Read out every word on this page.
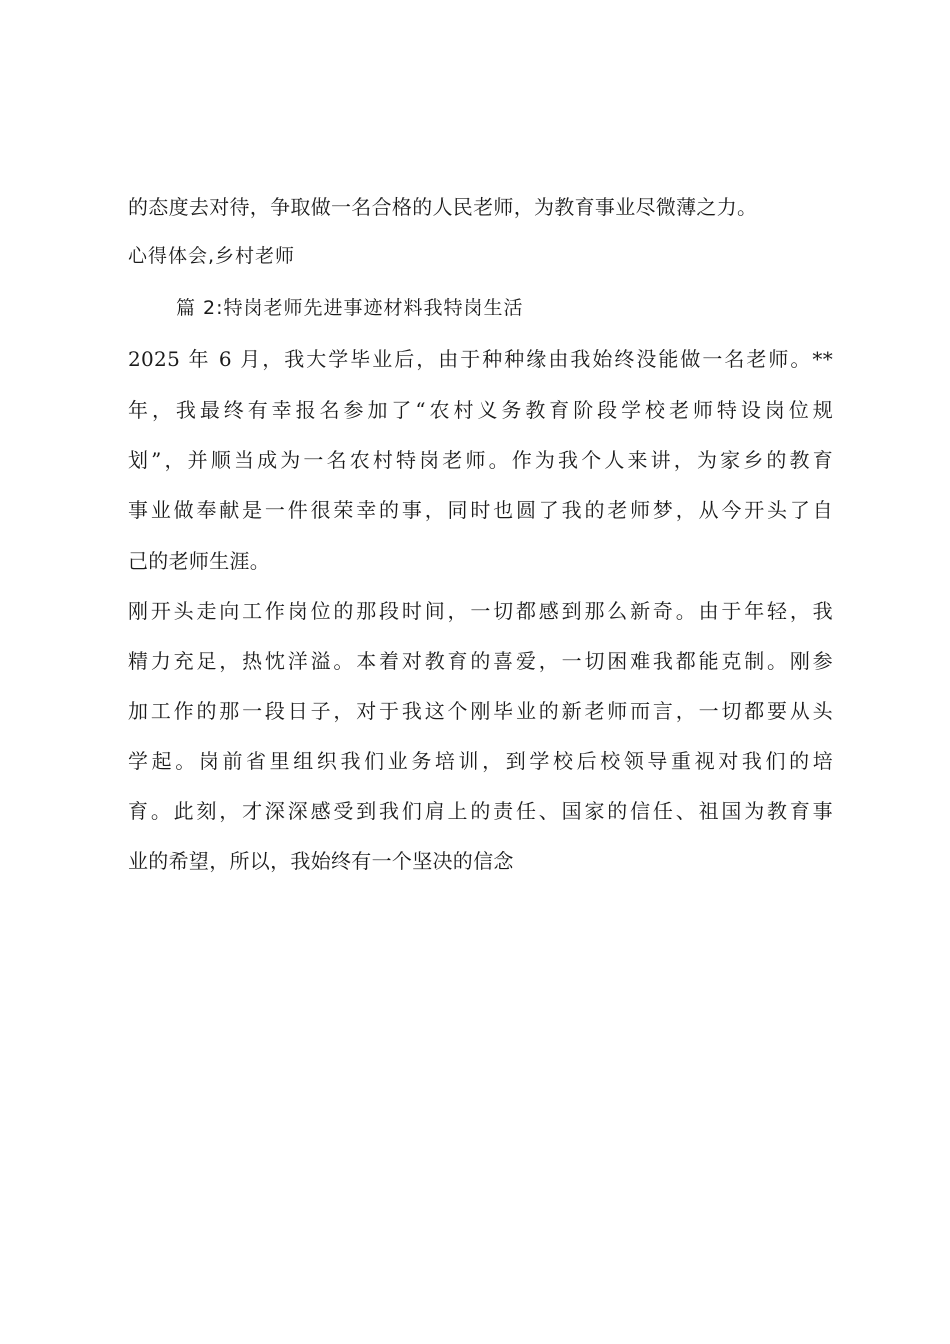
的态度去对待，争取做一名合格的人民老师，为教育事业尽微薄之力。
心得体会,乡村老师
篇 2:特岗老师先进事迹材料我特岗生活
2025 年 6 月，我大学毕业后，由于种种缘由我始终没能做一名老师。**
年，我最终有幸报名参加了“农村义务教育阶段学校老师特设岗位规
划”，并顺当成为一名农村特岗老师。作为我个人来讲，为家乡的教育
事业做奉献是一件很荣幸的事，同时也圆了我的老师梦，从今开头了自
己的老师生涯。
刚开头走向工作岗位的那段时间，一切都感到那么新奇。由于年轻，我
精力充足，热忱洋溢。本着对教育的喜爱，一切困难我都能克制。刚参
加工作的那一段日子，对于我这个刚毕业的新老师而言，一切都要从头
学起。岗前省里组织我们业务培训，到学校后校领导重视对我们的培
育。此刻，才深深感受到我们肩上的责任、国家的信任、祖国为教育事
业的希望，所以，我始终有一个坚决的信念
